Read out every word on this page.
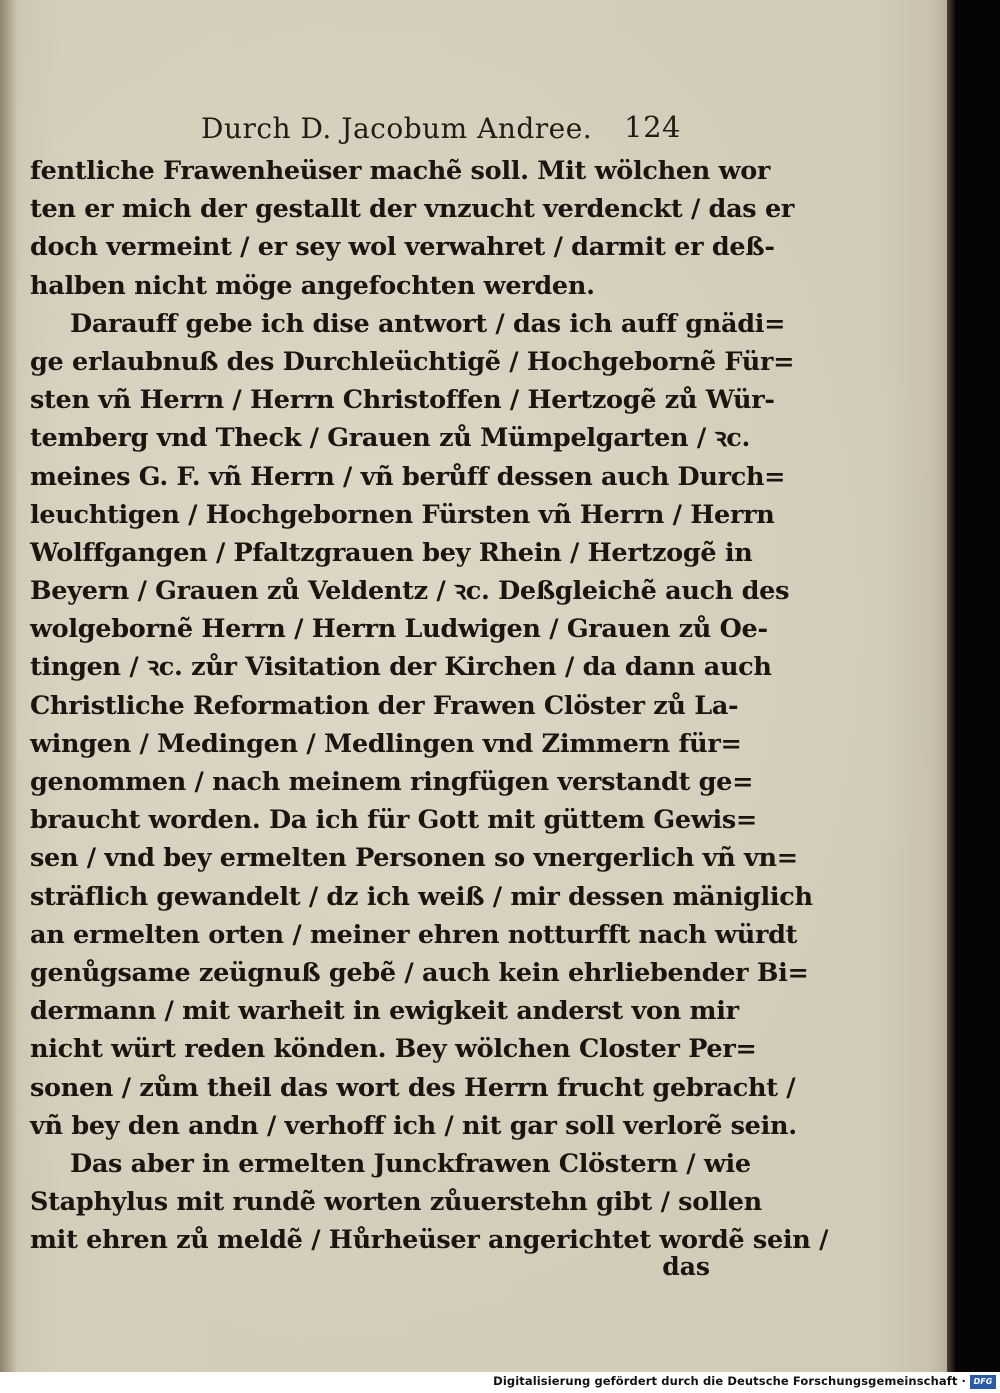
Durch D. Jacobum Andree. 124
fentliche Frawenheüser machẽ soll. Mit wölchen wor
ten er mich der gestallt der vnzucht verdenckt / das er
doch vermeint / er sey wol verwahret / darmit er deß-
halben nicht möge angefochten werden.
Darauff gebe ich dise antwort / das ich auff gnädi=
ge erlaubnuß des Durchleüchtigẽ / Hochgebornẽ Für=
sten vñ Herrn / Herrn Christoffen / Hertzogẽ zů Wür-
temberg vnd Theck / Grauen zů Mümpelgarten / ꝛc.
meines G. F. vñ Herrn / vñ berůff dessen auch Durch=
leuchtigen / Hochgebornen Fürsten vñ Herrn / Herrn
Wolffgangen / Pfaltzgrauen bey Rhein / Hertzogẽ in
Beyern / Grauen zů Veldentz / ꝛc. Deßgleichẽ auch des
wolgebornẽ Herrn / Herrn Ludwigen / Grauen zů Oe-
tingen / ꝛc. zůr Visitation der Kirchen / da dann auch
Christliche Reformation der Frawen Clöster zů La-
wingen / Medingen / Medlingen vnd Zimmern für=
genommen / nach meinem ringfügen verstandt ge=
braucht worden. Da ich für Gott mit güttem Gewis=
sen / vnd bey ermelten Personen so vnergerlich vñ vn=
sträflich gewandelt / dz ich weiß / mir dessen mäniglich
an ermelten orten / meiner ehren notturfft nach würdt
genůgsame zeügnuß gebẽ / auch kein ehrliebender Bi=
dermann / mit warheit in ewigkeit anderst von mir
nicht würt reden könden. Bey wölchen Closter Per=
sonen / zům theil das wort des Herrn frucht gebracht /
vñ bey den andn / verhoff ich / nit gar soll verlorẽ sein.
Das aber in ermelten Junckfrawen Clöstern / wie
Staphylus mit rundẽ worten zůuerstehn gibt / sollen
mit ehren zů meldẽ / Hůrheüser angerichtet wordẽ sein /
das
Digitalisierung gefördert durch die Deutsche Forschungsgemeinschaft · DFG
